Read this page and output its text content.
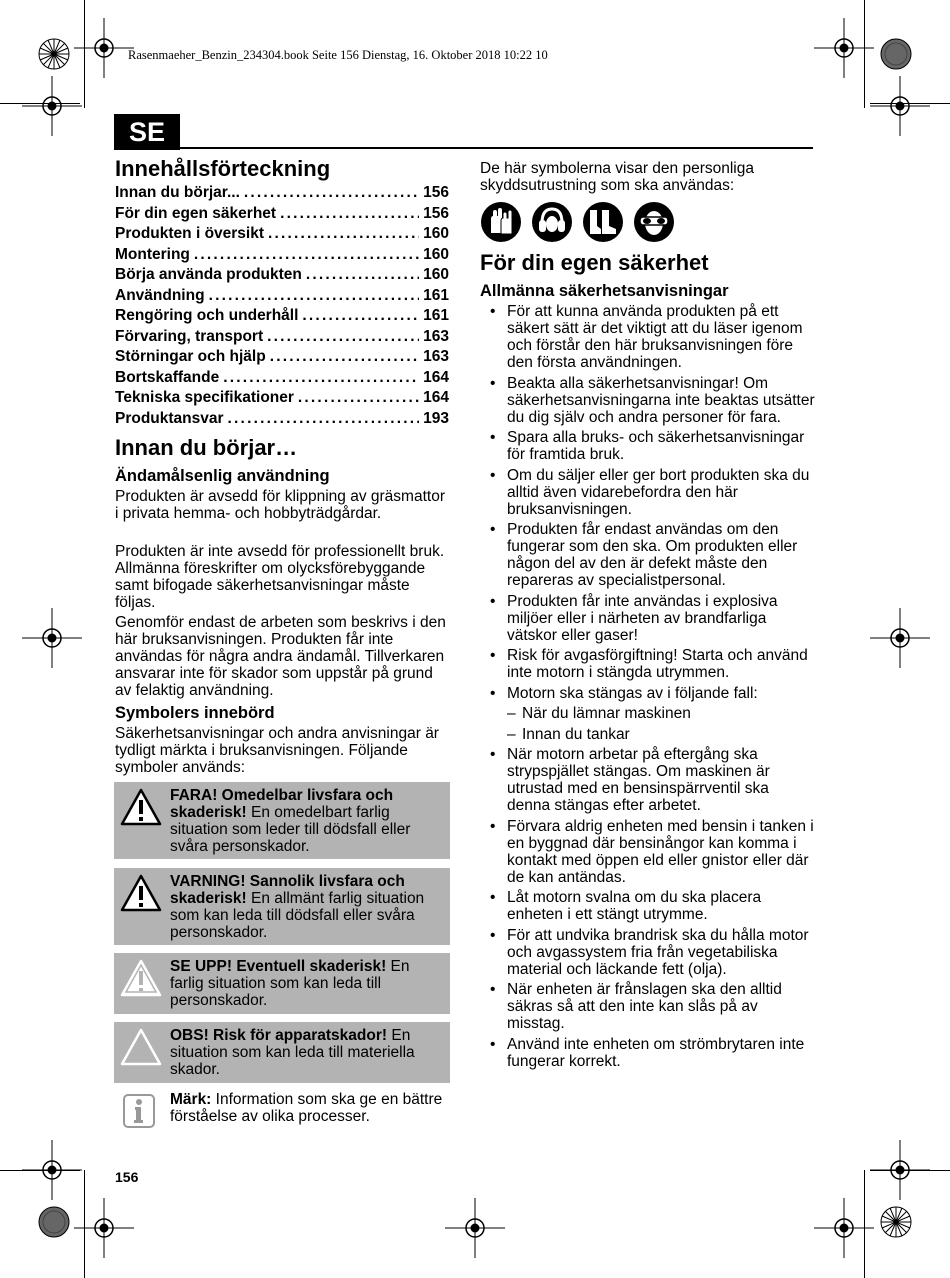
Rasenmaeher_Benzin_234304.book Seite 156 Dienstag, 16. Oktober 2018 10:22 10
SE
Innehållsförteckning
Innan du börjar... .....	156
För din egen säkerhet .....	156
Produkten i översikt .....	160
Montering .....	160
Börja använda produkten .....	160
Användning .....	161
Rengöring och underhåll .....	161
Förvaring, transport .....	163
Störningar och hjälp .....	163
Bortskaffande .....	164
Tekniska specifikationer .....	164
Produktansvar .....	193
Innan du börjar…
Ändamålsenlig användning

Produkten är avsedd för klippning av gräsmattor i privata hemma- och hobbyträdgårdar.

Produkten är inte avsedd för professionellt bruk. Allmänna föreskrifter om olycksförebyggande samt bifogade säkerhetsanvisningar måste följas.

Genomför endast de arbeten som beskrivs i den här bruksanvisningen. Produkten får inte användas för några andra ändamål. Tillverkaren ansvarar inte för skador som uppstår på grund av felaktig användning.

Symbolers innebörd

Säkerhetsanvisningar och andra anvisningar är tydligt märkta i bruksanvisningen. Följande symboler används:

FARA! Omedelbar livsfara och skaderisk! En omedelbart farlig situation som leder till dödsfall eller svåra personskador.
VARNING! Sannolik livsfara och skaderisk! En allmänt farlig situation som kan leda till dödsfall eller svåra personskador.
SE UPP! Eventuell skaderisk! En farlig situation som kan leda till personskador.
OBS! Risk för apparatskador! En situation som kan leda till materiella skador.
Märk: Information som ska ge en bättre förståelse av olika processer.

De här symbolerna visar den personliga skyddsutrustning som ska användas:

För din egen säkerhet
Allmänna säkerhetsanvisningar
• För att kunna använda produkten på ett säkert sätt är det viktigt att du läser igenom och förstår den här bruksanvisningen före den första användningen.
• Beakta alla säkerhetsanvisningar! Om säkerhetsanvisningarna inte beaktas utsätter du dig själv och andra personer för fara.
• Spara alla bruks- och säkerhetsanvisningar för framtida bruk.
• Om du säljer eller ger bort produkten ska du alltid även vidarebefordra den här bruksanvisningen.
• Produkten får endast användas om den fungerar som den ska. Om produkten eller någon del av den är defekt måste den repareras av specialistpersonal.
• Produkten får inte användas i explosiva miljöer eller i närheten av brandfarliga vätskor eller gaser!
• Risk för avgasförgiftning! Starta och använd inte motorn i stängda utrymmen.
• Motorn ska stängas av i följande fall:
– När du lämnar maskinen
– Innan du tankar
• När motorn arbetar på eftergång ska strypspjället stängas. Om maskinen är utrustad med en bensinspärrventil ska denna stängas efter arbetet.
• Förvara aldrig enheten med bensin i tanken i en byggnad där bensinångor kan komma i kontakt med öppen eld eller gnistor eller där de kan antändas.
• Låt motorn svalna om du ska placera enheten i ett stängt utrymme.
• För att undvika brandrisk ska du hålla motor och avgassystem fria från vegetabiliska material och läckande fett (olja).
• När enheten är frånslagen ska den alltid säkras så att den inte kan slås på av misstag.
• Använd inte enheten om strömbrytaren inte fungerar korrekt.
156
